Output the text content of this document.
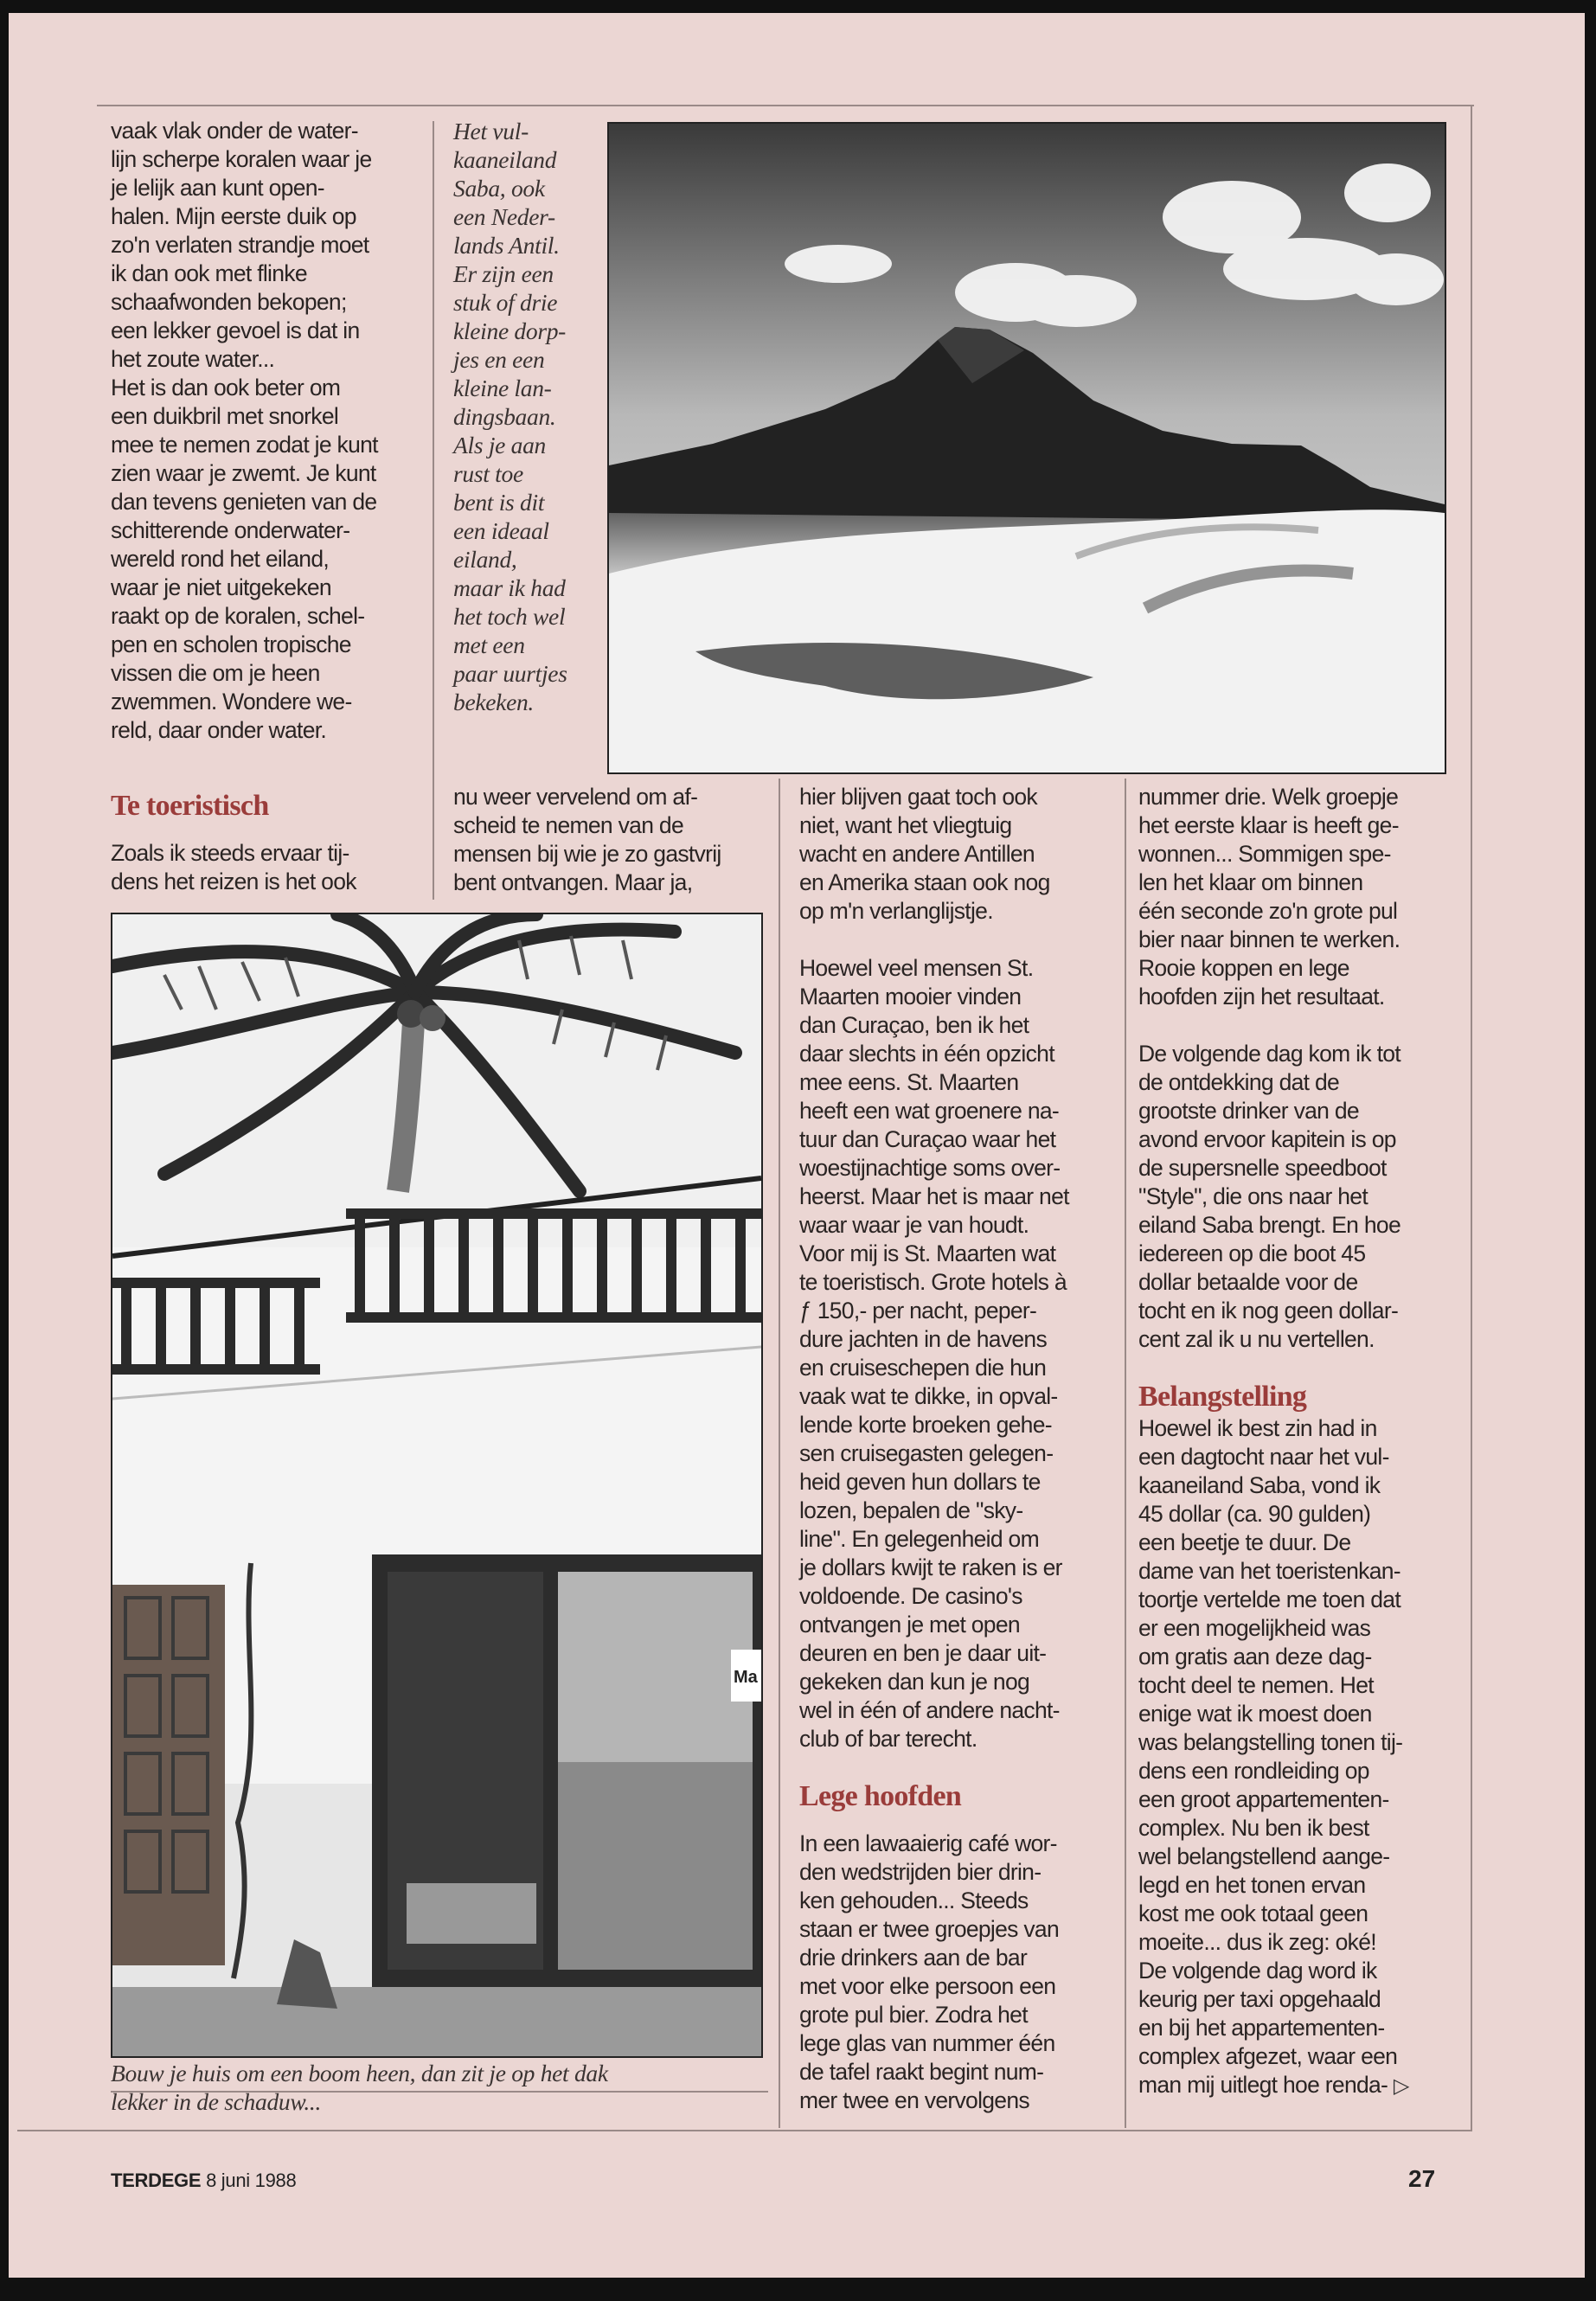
vaak vlak onder de water-
lijn scherpe koralen waar je
je lelijk aan kunt open-
halen. Mijn eerste duik op
zo'n verlaten strandje moet
ik dan ook met flinke
schaafwonden bekopen;
een lekker gevoel is dat in
het zoute water...
Het is dan ook beter om
een duikbril met snorkel
mee te nemen zodat je kunt
zien waar je zwemt. Je kunt
dan tevens genieten van de
schitterende onderwater-
wereld rond het eiland,
waar je niet uitgekeken
raakt op de koralen, schel-
pen en scholen tropische
vissen die om je heen
zwemmen. Wondere we-
reld, daar onder water.

Het vul-
kaaneiland
Saba, ook
een Neder-
lands Antil.
Er zijn een
stuk of drie
kleine dorp-
jes en een
kleine lan-
dingsbaan.
Als je aan
rust toe
bent is dit
een ideaal
eiland,
maar ik had
het toch wel
met een
paar uurtjes
bekeken.
Te toeristisch

Zoals ik steeds ervaar tij-
dens het reizen is het ook

nu weer vervelend om af-
scheid te nemen van de
mensen bij wie je zo gastvrij
bent ontvangen. Maar ja,

Ma
Bouw je huis om een boom heen, dan zit je op het dak
lekker in de schaduw...

hier blijven gaat toch ook
niet, want het vliegtuig
wacht en andere Antillen
en Amerika staan ook nog
op m'n verlanglijstje.

Hoewel veel mensen St.
Maarten mooier vinden
dan Curaçao, ben ik het
daar slechts in één opzicht
mee eens. St. Maarten
heeft een wat groenere na-
tuur dan Curaçao waar het
woestijnachtige soms over-
heerst. Maar het is maar net
waar waar je van houdt.
Voor mij is St. Maarten wat
te toeristisch. Grote hotels à
ƒ 150,- per nacht, peper-
dure jachten in de havens
en cruiseschepen die hun
vaak wat te dikke, in opval-
lende korte broeken gehe-
sen cruisegasten gelegen-
heid geven hun dollars te
lozen, bepalen de "sky-
line". En gelegenheid om
je dollars kwijt te raken is er
voldoende. De casino's
ontvangen je met open
deuren en ben je daar uit-
gekeken dan kun je nog
wel in één of andere nacht-
club of bar terecht.

Lege hoofden

In een lawaaierig café wor-
den wedstrijden bier drin-
ken gehouden... Steeds
staan er twee groepjes van
drie drinkers aan de bar
met voor elke persoon een
grote pul bier. Zodra het
lege glas van nummer één
de tafel raakt begint num-
mer twee en vervolgens

nummer drie. Welk groepje
het eerste klaar is heeft ge-
wonnen... Sommigen spe-
len het klaar om binnen
één seconde zo'n grote pul
bier naar binnen te werken.
Rooie koppen en lege
hoofden zijn het resultaat.

De volgende dag kom ik tot
de ontdekking dat de
grootste drinker van de
avond ervoor kapitein is op
de supersnelle speedboot
"Style", die ons naar het
eiland Saba brengt. En hoe
iedereen op die boot 45
dollar betaalde voor de
tocht en ik nog geen dollar-
cent zal ik u nu vertellen.

Belangstelling

Hoewel ik best zin had in
een dagtocht naar het vul-
kaaneiland Saba, vond ik
45 dollar (ca. 90 gulden)
een beetje te duur. De
dame van het toeristenkan-
toortje vertelde me toen dat
er een mogelijkheid was
om gratis aan deze dag-
tocht deel te nemen. Het
enige wat ik moest doen
was belangstelling tonen tij-
dens een rondleiding op
een groot appartementen-
complex. Nu ben ik best
wel belangstellend aange-
legd en het tonen ervan
kost me ook totaal geen
moeite... dus ik zeg: oké!
De volgende dag word ik
keurig per taxi opgehaald
en bij het appartementen-
complex afgezet, waar een
man mij uitlegt hoe renda- ▷
TERDEGE 8 juni 1988	27
